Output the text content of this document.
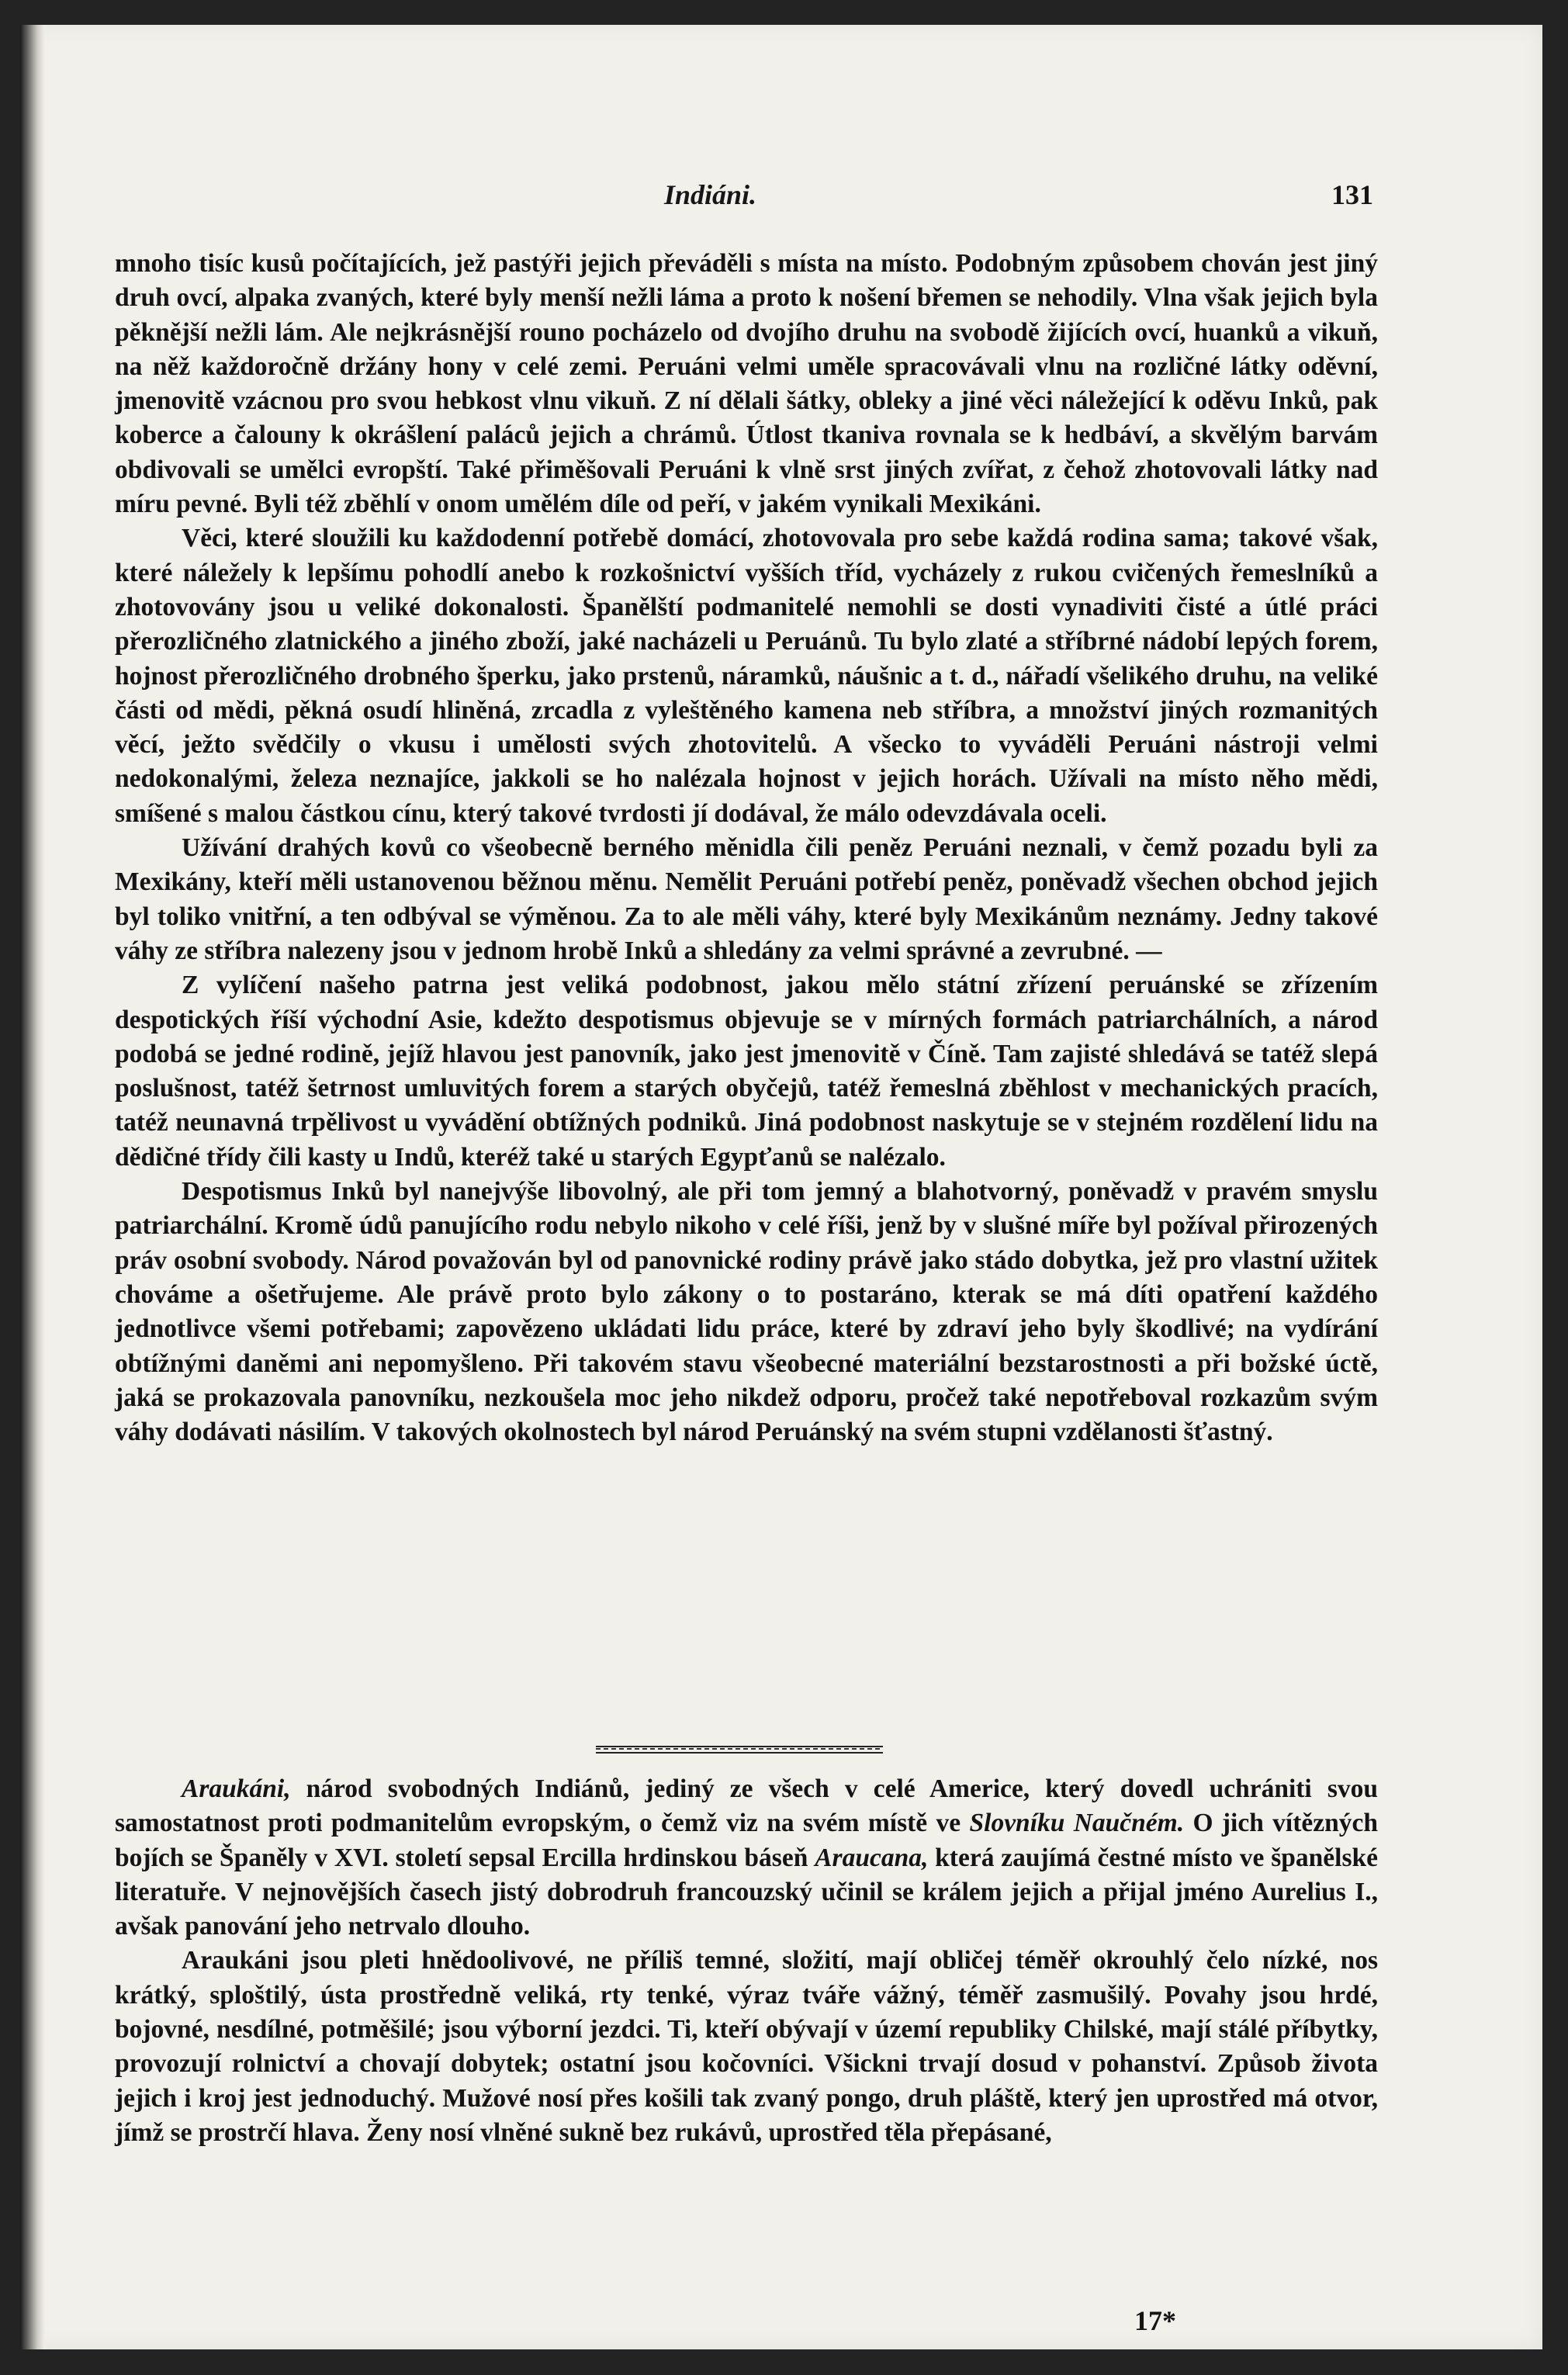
Indiáni.	131

mnoho tisíc kusů počítajících, jež pastýři jejich převáděli s místa na místo. Podobným způsobem chován jest jiný druh ovcí, alpaka zvaných, které byly menší nežli láma a proto k nošení břemen se nehodily. Vlna však jejich byla pěknější nežli lám. Ale nejkrásnější rouno pocházelo od dvojího druhu na svobodě žijících ovcí, huanků a vikuň, na něž každoročně držány hony v celé zemi. Peruáni velmi uměle spracovávali vlnu na rozličné látky oděvní, jmenovitě vzácnou pro svou hebkost vlnu vikuň. Z ní dělali šátky, obleky a jiné věci náležející k oděvu Inků, pak koberce a čalouny k okrášlení paláců jejich a chrámů. Útlost tkaniva rovnala se k hedbáví, a skvělým barvám obdivovali se umělci evropští. Také přiměšovali Peruáni k vlně srst jiných zvířat, z čehož zhotovovali látky nad míru pevné. Byli též zběhlí v onom umělém díle od peří, v jakém vynikali Mexikáni.

Věci, které sloužili ku každodenní potřebě domácí, zhotovovala pro sebe každá rodina sama; takové však, které náležely k lepšímu pohodlí anebo k rozkošnictví vyšších tříd, vycházely z rukou cvičených řemeslníků a zhotovovány jsou u veliké dokonalosti. Španělští podmanitelé nemohli se dosti vynadiviti čisté a útlé práci přerozličného zlatnického a jiného zboží, jaké nacházeli u Peruánů. Tu bylo zlaté a stříbrné nádobí lepých forem, hojnost přerozličného drobného šperku, jako prstenů, náramků, náušnic a t. d., nářadí všelikého druhu, na veliké části od mědi, pěkná osudí hliněná, zrcadla z vyleštěného kamena neb stříbra, a množství jiných rozmanitých věcí, ježto svědčily o vkusu i umělosti svých zhotovitelů. A všecko to vyváděli Peruáni nástroji velmi nedokonalými, železa neznajíce, jakkoli se ho nalézala hojnost v jejich horách. Užívali na místo něho mědi, smíšené s malou částkou cínu, který takové tvrdosti jí dodával, že málo odevzdávala oceli.

Užívání drahých kovů co všeobecně berného měnidla čili peněz Peruáni neznali, v čemž pozadu byli za Mexikány, kteří měli ustanovenou běžnou měnu. Nemělit Peruáni potřebí peněz, poněvadž všechen obchod jejich byl toliko vnitřní, a ten odbýval se výměnou. Za to ale měli váhy, které byly Mexikánům neznámy. Jedny takové váhy ze stříbra nalezeny jsou v jednom hrobě Inků a shledány za velmi správné a zevrubné. —

Z vylíčení našeho patrna jest veliká podobnost, jakou mělo státní zřízení peruánské se zřízením despotických říší východní Asie, kdežto despotismus objevuje se v mírných formách patriarchálních, a národ podobá se jedné rodině, jejíž hlavou jest panovník, jako jest jmenovitě v Číně. Tam zajisté shledává se tatéž slepá poslušnost, tatéž šetrnost umluvitých forem a starých obyčejů, tatéž řemeslná zběhlost v mechanických pracích, tatéž neunavná trpělivost u vyvádění obtížných podniků. Jiná podobnost naskytuje se v stejném rozdělení lidu na dědičné třídy čili kasty u Indů, kteréž také u starých Egypťanů se nalézalo.

Despotismus Inků byl nanejvýše libovolný, ale při tom jemný a blahotvorný, poněvadž v pravém smyslu patriarchální. Kromě údů panujícího rodu nebylo nikoho v celé říši, jenž by v slušné míře byl požíval přirozených práv osobní svobody. Národ považován byl od panovnické rodiny právě jako stádo dobytka, jež pro vlastní užitek chováme a ošetřujeme. Ale právě proto bylo zákony o to postaráno, kterak se má díti opatření každého jednotlivce všemi potřebami; zapovězeno ukládati lidu práce, které by zdraví jeho byly škodlivé; na vydírání obtížnými daněmi ani nepomyšleno. Při takovém stavu všeobecné materiální bezstarostnosti a při božské úctě, jaká se prokazovala panovníku, nezkoušela moc jeho nikdež odporu, pročež také nepotřeboval rozkazům svým váhy dodávati násilím. V takových okolnostech byl národ Peruánský na svém stupni vzdělanosti šťastný.

Araukáni, národ svobodných Indiánů, jediný ze všech v celé Americe, který dovedl uchrániti svou samostatnost proti podmanitelům evropským, o čemž viz na svém místě ve Slovníku Naučném. O jich vítězných bojích se Španěly v XVI. století sepsal Ercilla hrdinskou báseň Araucana, která zaujímá čestné místo ve španělské literatuře. V nejnovějších časech jistý dobrodruh francouzský učinil se králem jejich a přijal jméno Aurelius I., avšak panování jeho netrvalo dlouho.

Araukáni jsou pleti hnědoolivové, ne příliš temné, složití, mají obličej téměř okrouhlý čelo nízké, nos krátký, sploštilý, ústa prostředně veliká, rty tenké, výraz tváře vážný, téměř zasmušilý. Povahy jsou hrdé, bojovné, nesdílné, potměšilé; jsou výborní jezdci. Ti, kteří obývají v území republiky Chilské, mají stálé příbytky, provozují rolnictví a chovají dobytek; ostatní jsou kočovníci. Všickni trvají dosud v pohanství. Způsob života jejich i kroj jest jednoduchý. Mužové nosí přes košili tak zvaný pongo, druh pláště, který jen uprostřed má otvor, jímž se prostrčí hlava. Ženy nosí vlněné sukně bez rukávů, uprostřed těla přepásané,

17*
